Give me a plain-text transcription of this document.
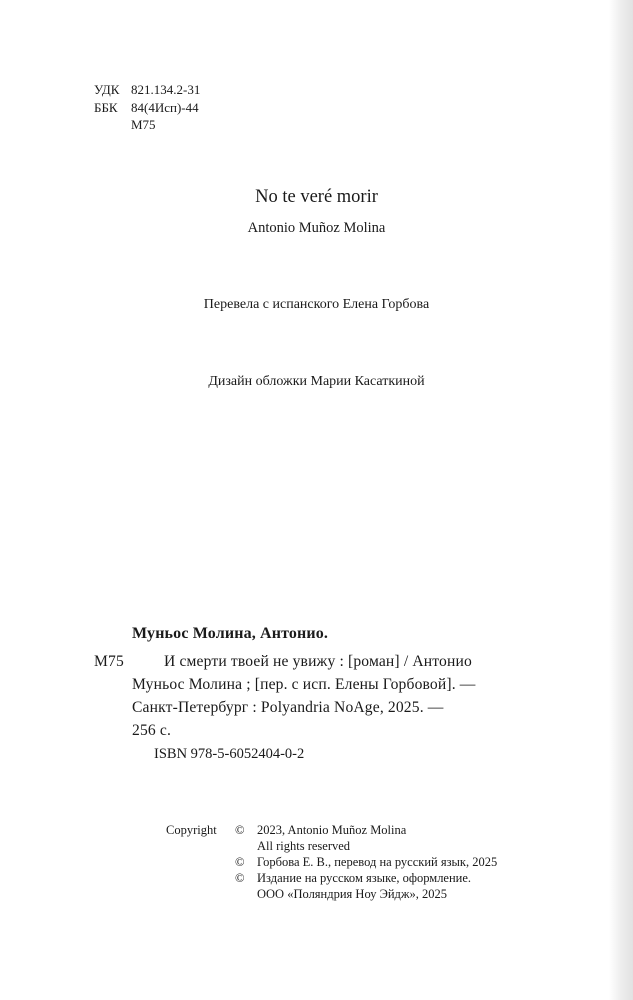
УДК 821.134.2-31
ББК	84(4Исп)-44
М75
No te veré morir
Antonio Muñoz Molina
Перевела с испанского Елена Горбова
Дизайн обложки Марии Касаткиной
Муньос Молина, Антонио.
М75	И смерти твоей не увижу : [роман] / Антонио
Муньос Молина ; [пер. с исп. Елены Горбовой]. —
Санкт-Петербург : Polyandria NoAge, 2025. —
256 с.
ISBN 978-5-6052404-0-2
Copyright ©	2023, Antonio Muñoz Molina
All rights reserved
©	Горбова Е. В., перевод на русский язык, 2025
©	Издание на русском языке, оформление.
ООО «Поляндрия Ноу Эйдж», 2025
